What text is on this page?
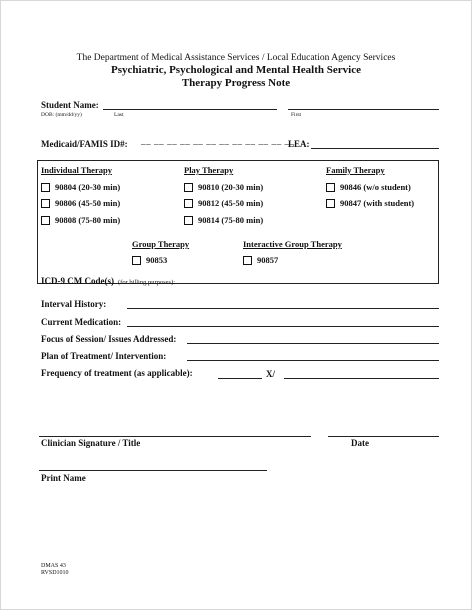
The Department of Medical Assistance Services / Local Education Agency Services
Psychiatric, Psychological and Mental Health Service
Therapy Progress Note
Student Name:
DOB: (mm/dd/yy)	Last	First
Medicaid/FAMIS ID#: __ __ __ __ __ __ __ __ __ __ __ __
LEA:
Individual Therapy
90804 (20-30 min)
90806 (45-50 min)
90808 (75-80 min)
Play Therapy
90810 (20-30 min)
90812 (45-50 min)
90814 (75-80 min)
Family Therapy
90846 (w/o student)
90847 (with student)
Group Therapy
90853
Interactive Group Therapy
90857
ICD-9 CM Code(s) (for billing purposes):
Interval History:
Current Medication:
Focus of Session/ Issues Addressed:
Plan of Treatment/ Intervention:
Frequency of treatment (as applicable):	X/
Clinician Signature / Title	Date
Print Name
DMAS 43
RVSD1010
